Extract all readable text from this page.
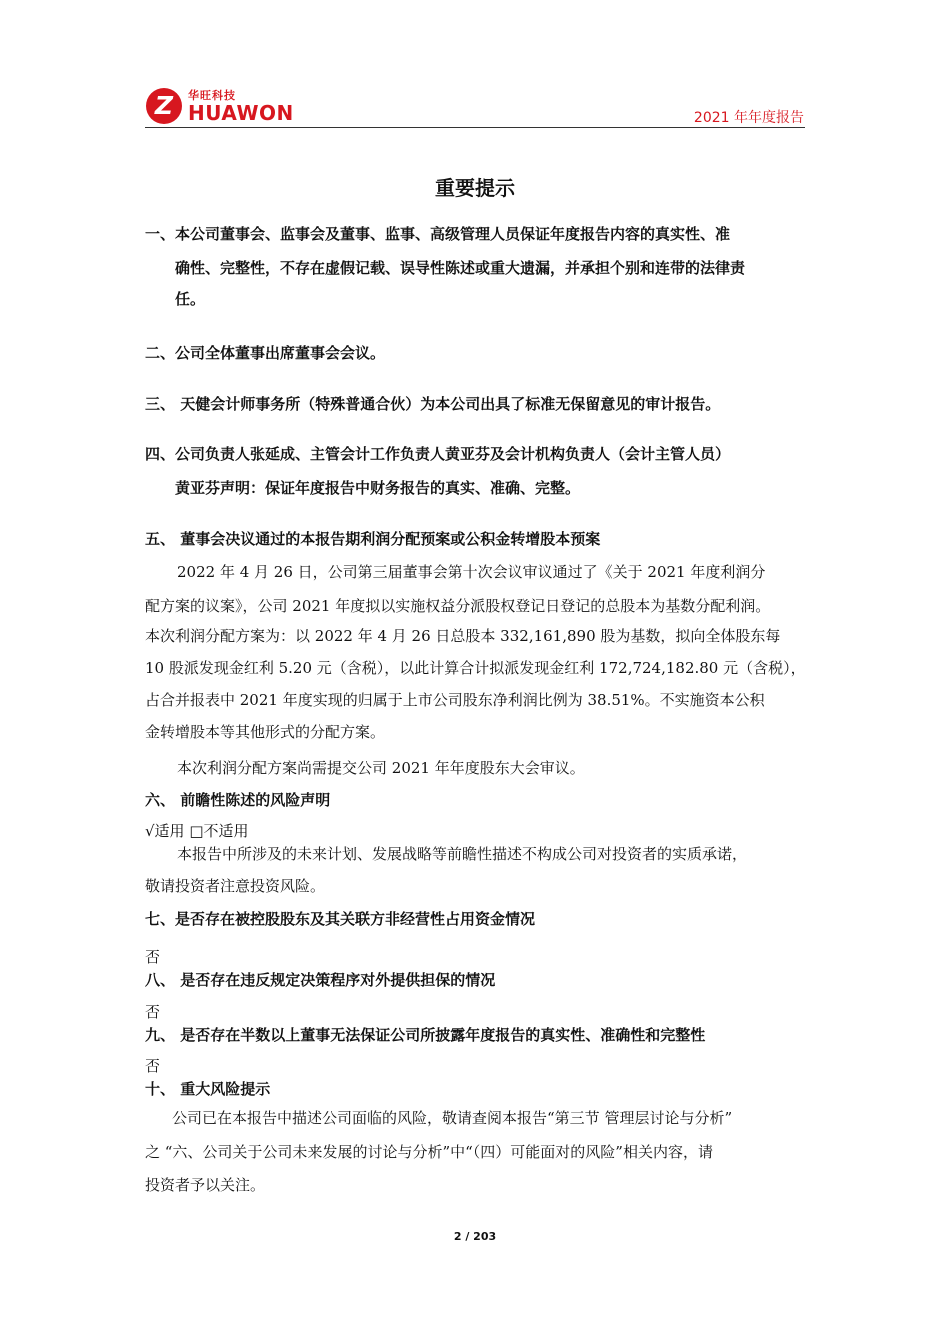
Z	华旺科技
HUAWON	2021 年年度报告
重要提示
一、本公司董事会、监事会及董事、监事、高级管理人员保证年度报告内容的真实性、准
确性、完整性，不存在虚假记载、误导性陈述或重大遗漏，并承担个别和连带的法律责
任。
二、公司全体董事出席董事会会议。
三、 天健会计师事务所（特殊普通合伙）为本公司出具了标准无保留意见的审计报告。
四、公司负责人张延成、主管会计工作负责人黄亚芬及会计机构负责人（会计主管人员）
黄亚芬声明：保证年度报告中财务报告的真实、准确、完整。
五、 董事会决议通过的本报告期利润分配预案或公积金转增股本预案
2022 年 4 月 26 日，公司第三届董事会第十次会议审议通过了《关于 2021 年度利润分
配方案的议案》，公司 2021 年度拟以实施权益分派股权登记日登记的总股本为基数分配利润。
本次利润分配方案为：以 2022 年 4 月 26 日总股本 332,161,890 股为基数，拟向全体股东每
10 股派发现金红利 5.20 元（含税），以此计算合计拟派发现金红利 172,724,182.80 元（含税），
占合并报表中 2021 年度实现的归属于上市公司股东净利润比例为 38.51%。不实施资本公积
金转增股本等其他形式的分配方案。
本次利润分配方案尚需提交公司 2021 年年度股东大会审议。
六、 前瞻性陈述的风险声明
√适用 □不适用
本报告中所涉及的未来计划、发展战略等前瞻性描述不构成公司对投资者的实质承诺，
敬请投资者注意投资风险。
七、是否存在被控股股东及其关联方非经营性占用资金情况
否
八、 是否存在违反规定决策程序对外提供担保的情况
否
九、 是否存在半数以上董事无法保证公司所披露年度报告的真实性、准确性和完整性
否
十、 重大风险提示
公司已在本报告中描述公司面临的风险，敬请查阅本报告“第三节 管理层讨论与分析”
之 “六、公司关于公司未来发展的讨论与分析”中“（四）可能面对的风险”相关内容，请
投资者予以关注。
2 / 203
